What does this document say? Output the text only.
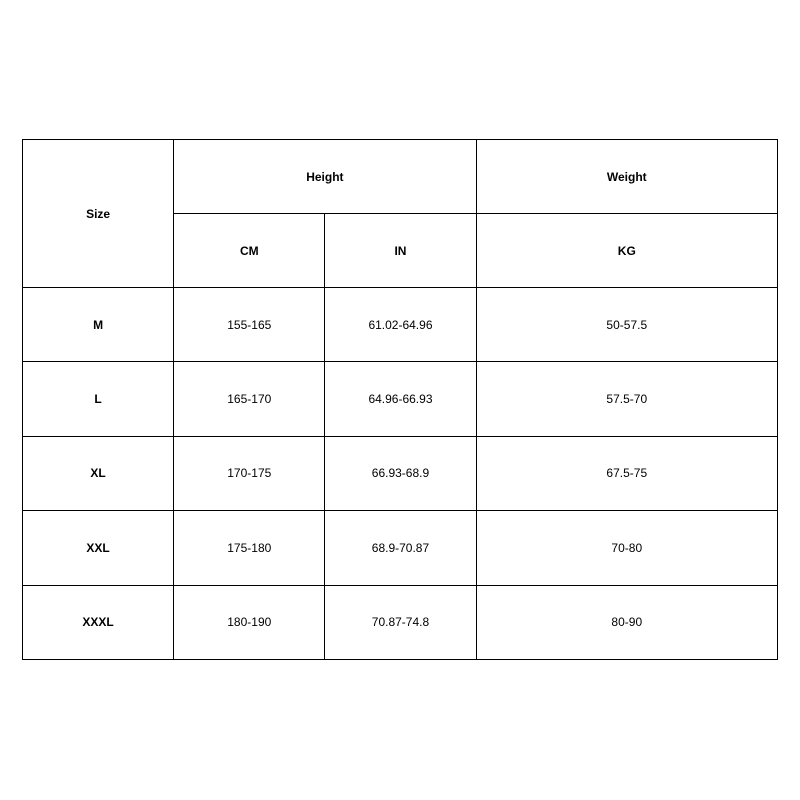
Size	Height		Weight
	CM	IN	KG
M	155-165	61.02-64.96	50-57.5
L	165-170	64.96-66.93	57.5-70
XL	170-175	66.93-68.9	67.5-75
XXL	175-180	68.9-70.87	70-80
XXXL	180-190	70.87-74.8	80-90
